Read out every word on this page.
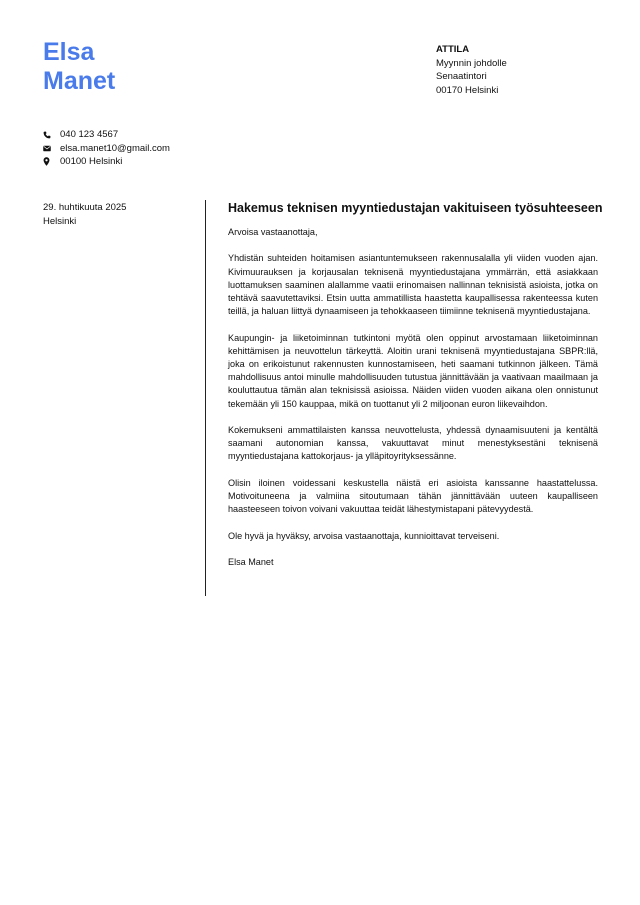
Elsa
Manet
ATTILA
Myynnin johdolle
Senaatintori
00170 Helsinki
040 123 4567
elsa.manet10@gmail.com
00100 Helsinki
29. huhtikuuta 2025
Helsinki
Hakemus teknisen myyntiedustajan vakituiseen työsuhteeseen

Arvoisa vastaanottaja,

Yhdistän suhteiden hoitamisen asiantuntemukseen rakennusalalla yli viiden vuoden ajan. Kivimuurauksen ja korjausalan teknisenä myyntiedustajana ymmärrän, että asiakkaan luottamuksen saaminen alallamme vaatii erinomaisen nallinnan teknisistä asioista, jotka on tehtävä saavutettaviksi. Etsin uutta ammatillista haastetta kaupallisessa rakenteessa kuten teillä, ja haluan liittyä dynaamiseen ja tehokkaaseen tiimiinne teknisenä myyntiedustajana.

Kaupungin- ja liiketoiminnan tutkintoni myötä olen oppinut arvostamaan liiketoiminnan kehittämisen ja neuvottelun tärkeyttä. Aloitin urani teknisenä myyntiedustajana SBPR:llä, joka on erikoistunut rakennusten kunnostamiseen, heti saamani tutkinnon jälkeen. Tämä mahdollisuus antoi minulle mahdollisuuden tutustua jännittävään ja vaativaan maailmaan ja kouluttautua tämän alan teknisissä asioissa. Näiden viiden vuoden aikana olen onnistunut tekemään yli 150 kauppaa, mikä on tuottanut yli 2 miljoonan euron liikevaihdon.

Kokemukseni ammattilaisten kanssa neuvottelusta, yhdessä dynaamisuuteni ja kentältä saamani autonomian kanssa, vakuuttavat minut menestyksestäni teknisenä myyntiedustajana kattokorjaus- ja ylläpitoyrityksessänne.

Olisin iloinen voidessani keskustella näistä eri asioista kanssanne haastattelussa. Motivoituneena ja valmiina sitoutumaan tähän jännittävään uuteen kaupalliseen haasteeseen toivon voivani vakuuttaa teidät lähestymistapani pätevyydestä.

Ole hyvä ja hyväksy, arvoisa vastaanottaja, kunnioittavat terveiseni.

Elsa Manet
